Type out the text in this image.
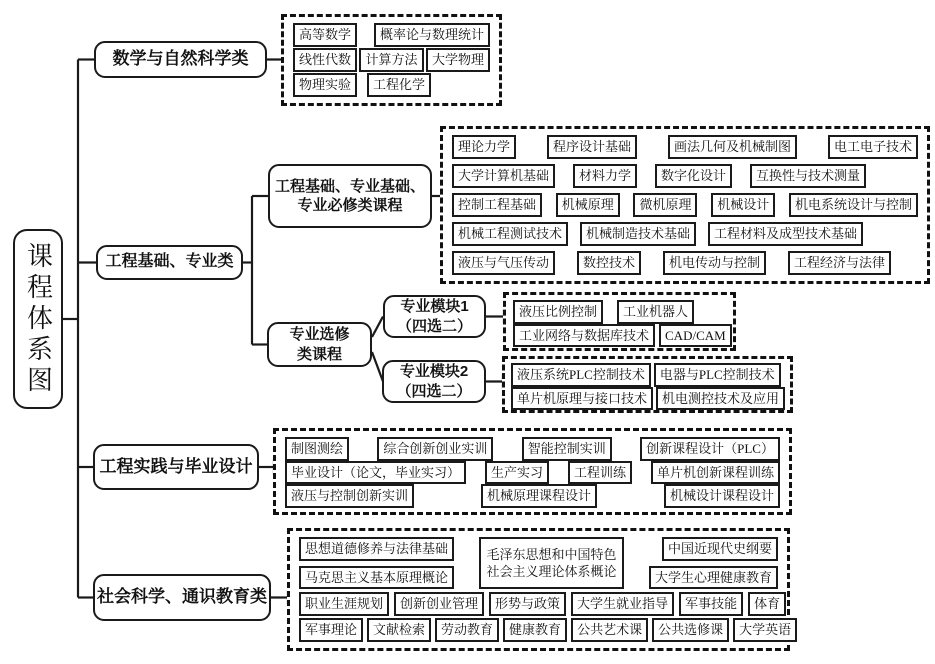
课程体系图
数学与自然科学类
高等数学	概率论与数理统计
线性代数	计算方法	大学物理
物理实验	工程化学
工程基础、专业类
工程基础、专业基础、
专业必修类课程
理论力学	程序设计基础	画法几何及机械制图	电工电子技术
大学计算机基础	材料力学	数字化设计	互换性与技术测量
控制工程基础	机械原理	微机原理	机械设计	机电系统设计与控制
机械工程测试技术	机械制造技术基础	工程材料及成型技术基础
液压与气压传动	数控技术	机电传动与控制	工程经济与法律
专业选修
类课程
专业模块1
（四选二）
液压比例控制	工业机器人
工业网络与数据库技术	CAD/CAM
专业模块2
（四选二）
液压系统PLC控制技术	电器与PLC控制技术
单片机原理与接口技术	机电测控技术及应用
工程实践与毕业设计
制图测绘	综合创新创业实训	智能控制实训	创新课程设计（PLC）
毕业设计（论文，毕业实习）	生产实习	工程训练	单片机创新课程训练
液压与控制创新实训	机械原理课程设计	机械设计课程设计
社会科学、通识教育类
思想道德修养与法律基础
马克思主义基本原理概论
毛泽东思想和中国特色
社会主义理论体系概论
中国近现代史纲要
大学生心理健康教育
职业生涯规划	创新创业管理	形势与政策	大学生就业指导	军事技能	体育
军事理论	文献检索	劳动教育	健康教育	公共艺术课	公共选修课	大学英语
